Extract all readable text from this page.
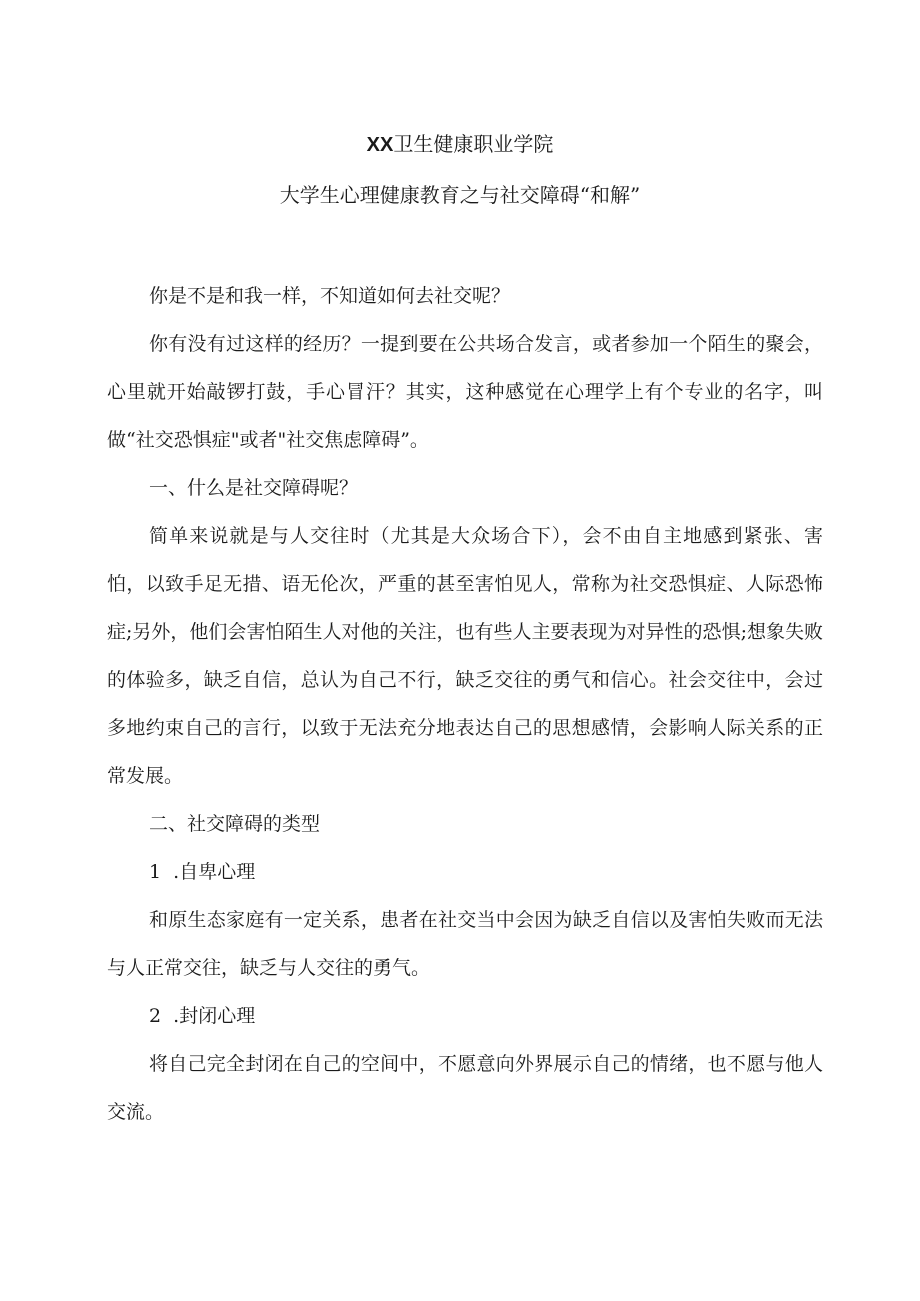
XX卫生健康职业学院
大学生心理健康教育之与社交障碍“和解”

你是不是和我一样，不知道如何去社交呢？

你有没有过这样的经历？一提到要在公共场合发言，或者参加一个陌生的聚会，心里就开始敲锣打鼓，手心冒汗？其实，这种感觉在心理学上有个专业的名字，叫做“社交恐惧症"或者"社交焦虑障碍”。

一、什么是社交障碍呢？

简单来说就是与人交往时（尤其是大众场合下），会不由自主地感到紧张、害怕，以致手足无措、语无伦次，严重的甚至害怕见人，常称为社交恐惧症、人际恐怖症;另外，他们会害怕陌生人对他的关注，也有些人主要表现为对异性的恐惧;想象失败的体验多，缺乏自信，总认为自己不行，缺乏交往的勇气和信心。社会交往中，会过多地约束自己的言行，以致于无法充分地表达自己的思想感情，会影响人际关系的正常发展。

二、社交障碍的类型

1  .自卑心理

和原生态家庭有一定关系，患者在社交当中会因为缺乏自信以及害怕失败而无法与人正常交往，缺乏与人交往的勇气。

2  .封闭心理

将自己完全封闭在自己的空间中，不愿意向外界展示自己的情绪，也不愿与他人交流。
